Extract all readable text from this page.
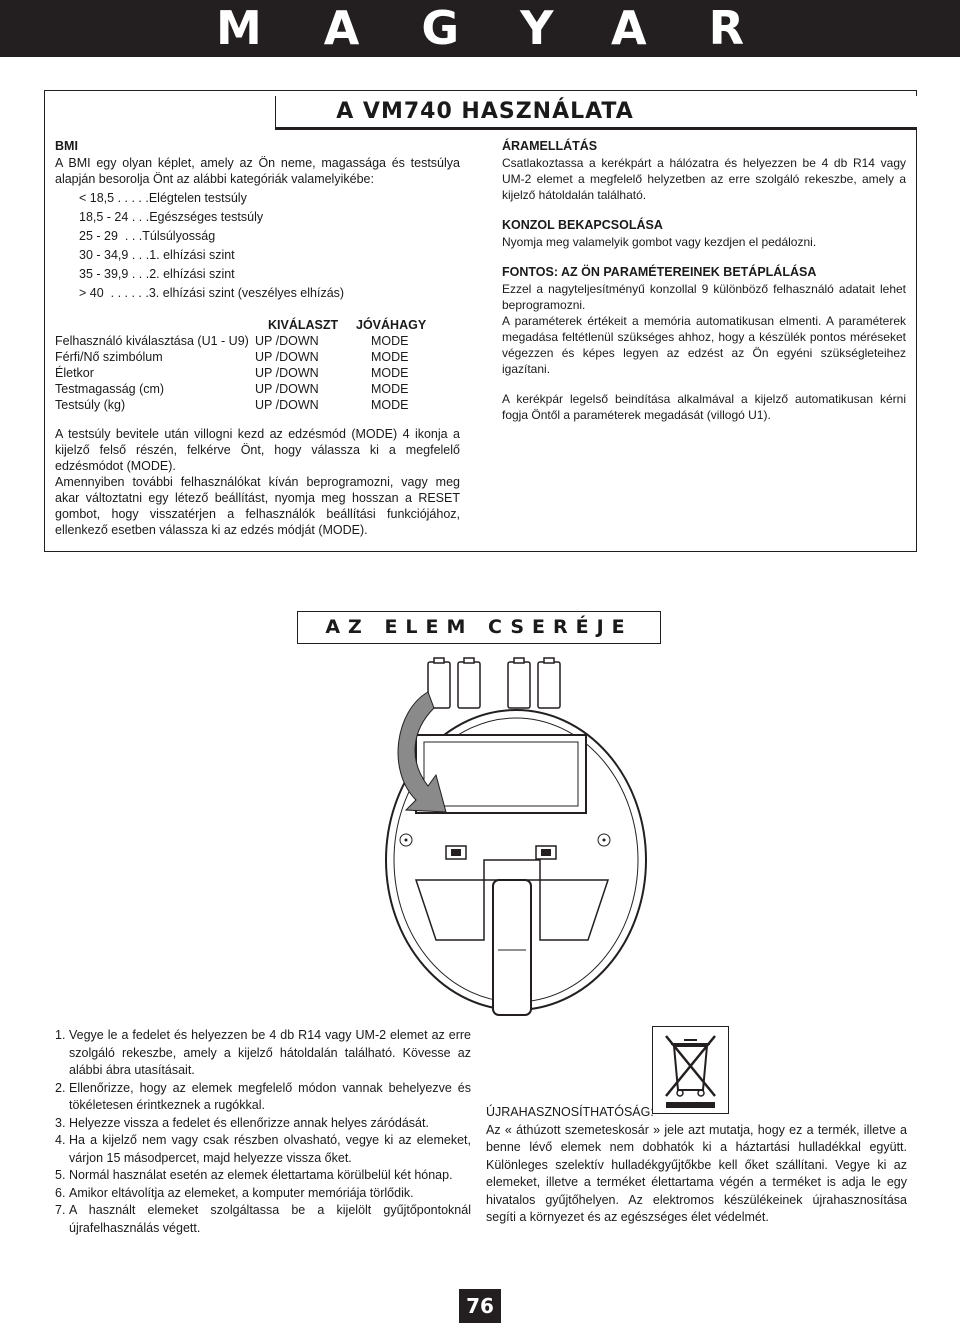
MAGYAR
A VM740 HASZNÁLATA
BMI
A BMI egy olyan képlet, amely az Ön neme, magassága és testsúlya alapján besorolja Önt az alábbi kategóriák valamelyikébe:
< 18,5 . . . . . Elégtelen testsúly
18,5 - 24 . . . Egészséges testsúly
25 - 29 . . . Túlsúlyosság
30 - 34,9 . . . 1. elhízási szint
35 - 39,9 . . . 2. elhízási szint
> 40 . . . . . . 3. elhízási szint (veszélyes elhízás)
KIVÁLASZT	JÓVÁHAGY
Felhasználó kiválasztása (U1 - U9) UP /DOWN	MODE
Férfi/Nő szimbólum	UP /DOWN	MODE
Életkor	UP /DOWN	MODE
Testmagasság (cm)	UP /DOWN	MODE
Testsúly (kg)	UP /DOWN	MODE
A testsúly bevitele után villogni kezd az edzésmód (MODE) 4 ikonja a kijelző felső részén, felkérve Önt, hogy válassza ki a megfelelő edzésmódot (MODE).
Amennyiben további felhasználókat kíván beprogramozni, vagy meg akar változtatni egy létező beállítást, nyomja meg hosszan a RESET gombot, hogy visszatérjen a felhasználók beállítási funkciójához, ellenkező esetben válassza ki az edzés módját (MODE).
ÁRAMELLÁTÁS
Csatlakoztassa a kerékpárt a hálózatra és helyezzen be 4 db R14 vagy UM-2 elemet a megfelelő helyzetben az erre szolgáló rekeszbe, amely a kijelző hátoldalán található.
KONZOL BEKAPCSOLÁSA
Nyomja meg valamelyik gombot vagy kezdjen el pedálozni.
FONTOS: AZ ÖN PARAMÉTEREINEK BETÁPLÁLÁSA
Ezzel a nagyteljesítményű konzollal 9 különböző felhasználó adatait lehet beprogramozni.
A paraméterek értékeit a memória automatikusan elmenti. A paraméterek megadása feltétlenül szükséges ahhoz, hogy a készülék pontos méréseket végezzen és képes legyen az edzést az Ön egyéni szükségleteihez igazítani.
A kerékpár legelső beindítása alkalmával a kijelző automatikusan kérni fogja Öntől a paraméterek megadását (villogó U1).
AZ ELEM CSERÉJE
1. Vegye le a fedelet és helyezzen be 4 db R14 vagy UM-2 elemet az erre szolgáló rekeszbe, amely a kijelző hátoldalán található. Kövesse az alábbi ábra utasításait.
2. Ellenőrizze, hogy az elemek megfelelő módon vannak behelyezve és tökéletesen érintkeznek a rugókkal.
3. Helyezze vissza a fedelet és ellenőrizze annak helyes záródását.
4. Ha a kijelző nem vagy csak részben olvasható, vegye ki az elemeket, várjon 15 másodpercet, majd helyezze vissza őket.
5. Normál használat esetén az elemek élettartama körülbelül két hónap.
6. Amikor eltávolítja az elemeket, a komputer memóriája törlődik.
7. A használt elemeket szolgáltassa be a kijelölt gyűjtőpontoknál újrafelhasználás végett.
ÚJRAHASZNOSÍTHATÓSÁG:
Az « áthúzott szemeteskosár » jele azt mutatja, hogy ez a termék, illetve a benne lévő elemek nem dobhatók ki a háztartási hulladékkal együtt. Különleges szelektív hulladékgyűjtőkbe kell őket szállítani. Vegye ki az elemeket, illetve a terméket élettartama végén a terméket is adja le egy hivatalos gyűjtőhelyen. Az elektromos készülékeinek újrahasznosítása segíti a környezet és az egészséges élet védelmét.
76
